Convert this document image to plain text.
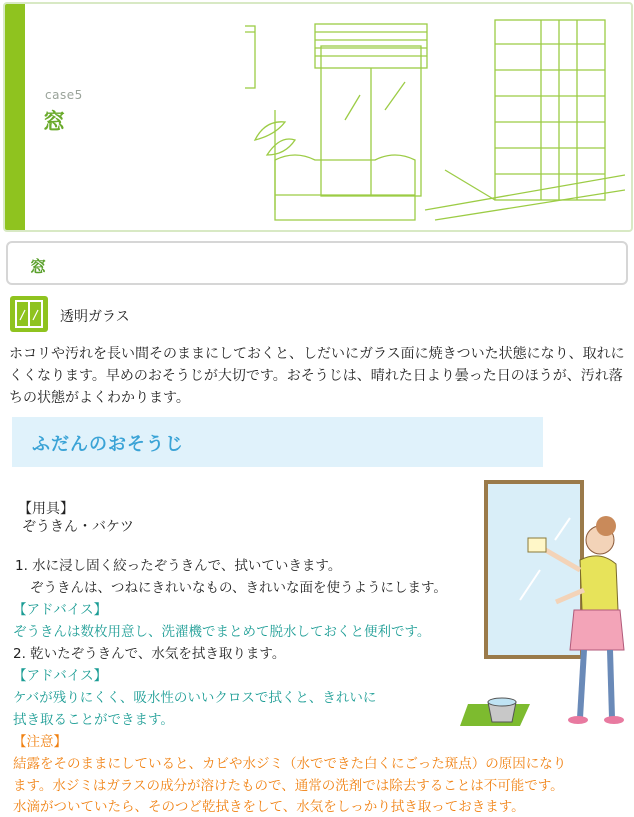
case5
窓
窓
透明ガラス
ホコリや汚れを長い間そのままにしておくと、しだいにガラス面に焼きついた状態になり、取れにくくなります。早めのおそうじが大切です。おそうじは、晴れた日より曇った日のほうが、汚れ落ちの状態がよくわかります。
ふだんのおそうじ
【用具】
ぞうきん・バケツ
1. 水に浸し固く絞ったぞうきんで、拭いていきます。
ぞうきんは、つねにきれいなもの、きれいな面を使うようにします。
【アドバイス】
ぞうきんは数枚用意し、洗濯機でまとめて脱水しておくと便利です。
2. 乾いたぞうきんで、水気を拭き取ります。
【アドバイス】
ケバが残りにくく、吸水性のいいクロスで拭くと、きれいに
拭き取ることができます。
【注意】
結露をそのままにしていると、カビや水ジミ（水でできた白くにごった斑点）の原因になり
ます。水ジミはガラスの成分が溶けたもので、通常の洗剤では除去することは不可能です。
水滴がついていたら、そのつど乾拭きをして、水気をしっかり拭き取っておきます。
